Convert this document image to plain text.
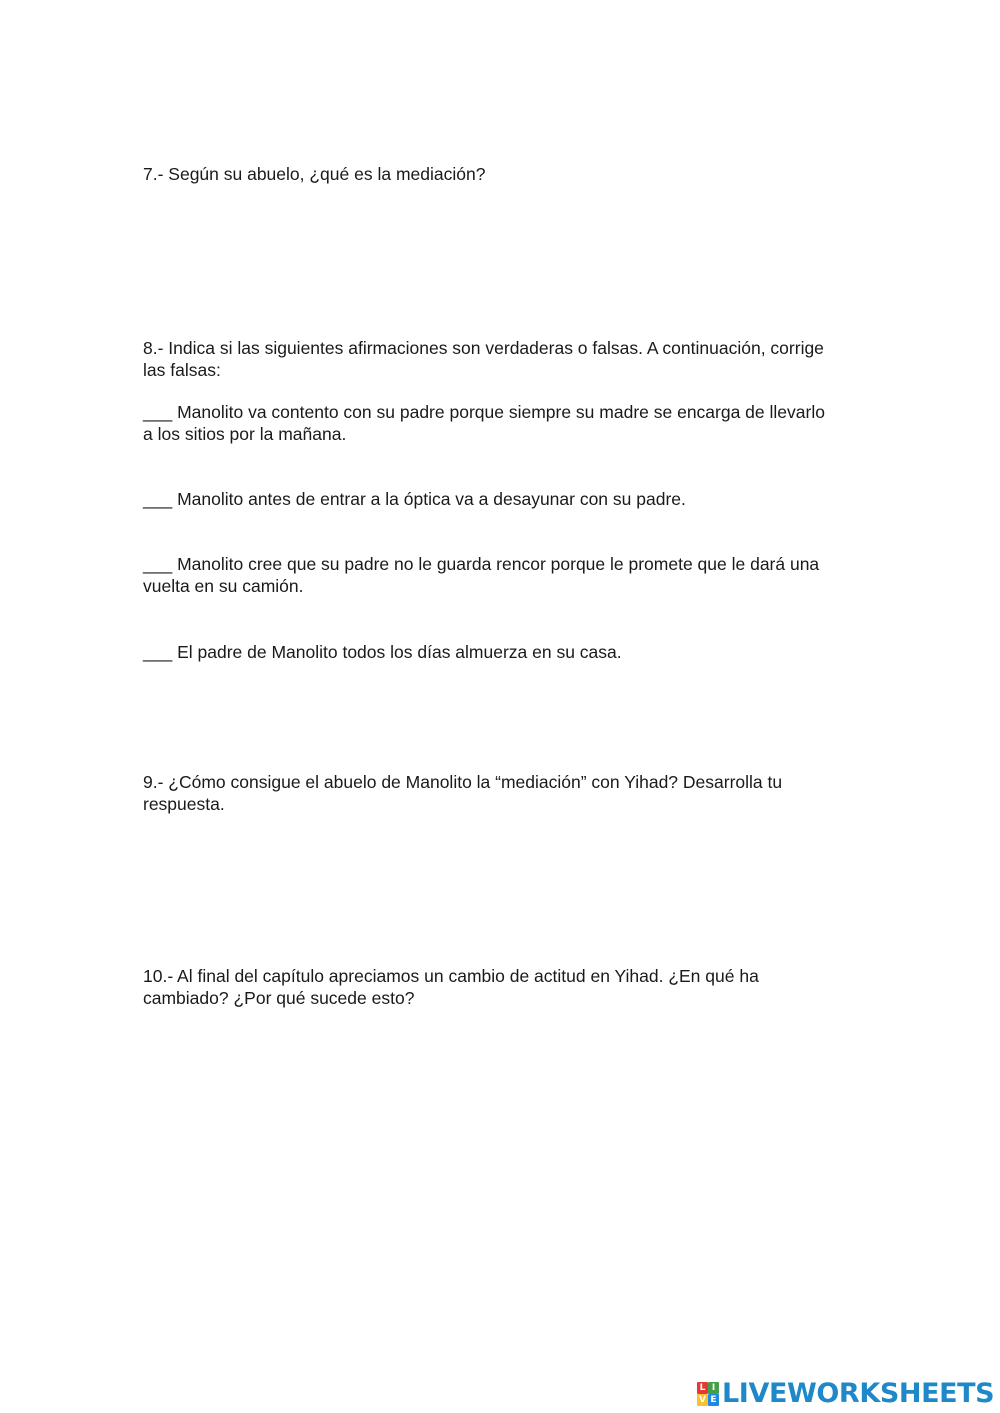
7.- Según su abuelo, ¿qué es la mediación?

8.- Indica si las siguientes afirmaciones son verdaderas o falsas. A continuación, corrige las falsas:

___ Manolito va contento con su padre porque siempre su madre se encarga de llevarlo a los sitios por la mañana.

___ Manolito antes de entrar a la óptica va a desayunar con su padre.

___ Manolito cree que su padre no le guarda rencor porque le promete que le dará una vuelta en su camión.

___ El padre de Manolito todos los días almuerza en su casa.

9.- ¿Cómo consigue el abuelo de Manolito la “mediación” con Yihad? Desarrolla tu respuesta.

10.- Al final del capítulo apreciamos un cambio de actitud en Yihad. ¿En qué ha cambiado? ¿Por qué sucede esto?

L I
V E LIVEWORKSHEETS
